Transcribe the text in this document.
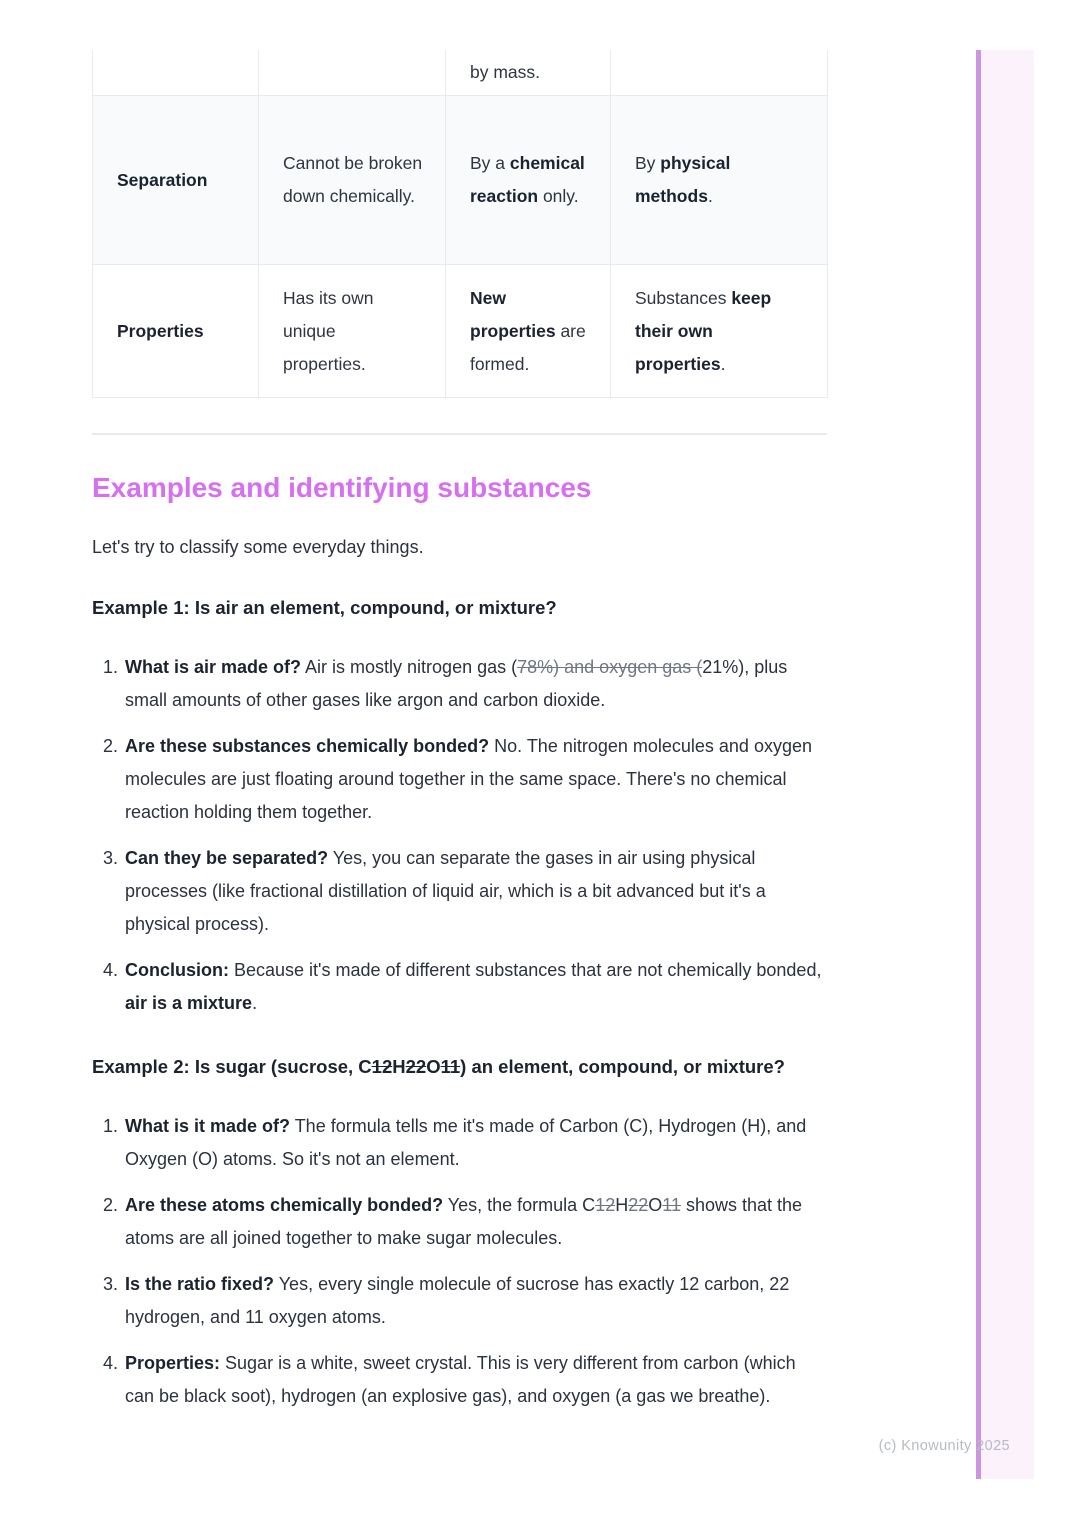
(c) Knowunity 2025
		by mass.	
Separation	Cannot be broken down chemically.	By a chemical reaction only.	By physical methods.
Properties	Has its own unique properties.	New properties are formed.	Substances keep their own properties.
Examples and identifying substances

Let's try to classify some everyday things.

Example 1: Is air an element, compound, or mixture?

1. What is air made of? Air is mostly nitrogen gas (78%) and oxygen gas (21%), plus small amounts of other gases like argon and carbon dioxide.
2. Are these substances chemically bonded? No. The nitrogen molecules and oxygen molecules are just floating around together in the same space. There's no chemical reaction holding them together.
3. Can they be separated? Yes, you can separate the gases in air using physical processes (like fractional distillation of liquid air, which is a bit advanced but it's a physical process).
4. Conclusion: Because it's made of different substances that are not chemically bonded, air is a mixture.

Example 2: Is sugar (sucrose, C12H22O11) an element, compound, or mixture?

1. What is it made of? The formula tells me it's made of Carbon (C), Hydrogen (H), and Oxygen (O) atoms. So it's not an element.
2. Are these atoms chemically bonded? Yes, the formula C12H22O11 shows that the atoms are all joined together to make sugar molecules.
3. Is the ratio fixed? Yes, every single molecule of sucrose has exactly 12 carbon, 22 hydrogen, and 11 oxygen atoms.
4. Properties: Sugar is a white, sweet crystal. This is very different from carbon (which can be black soot), hydrogen (an explosive gas), and oxygen (a gas we breathe).
